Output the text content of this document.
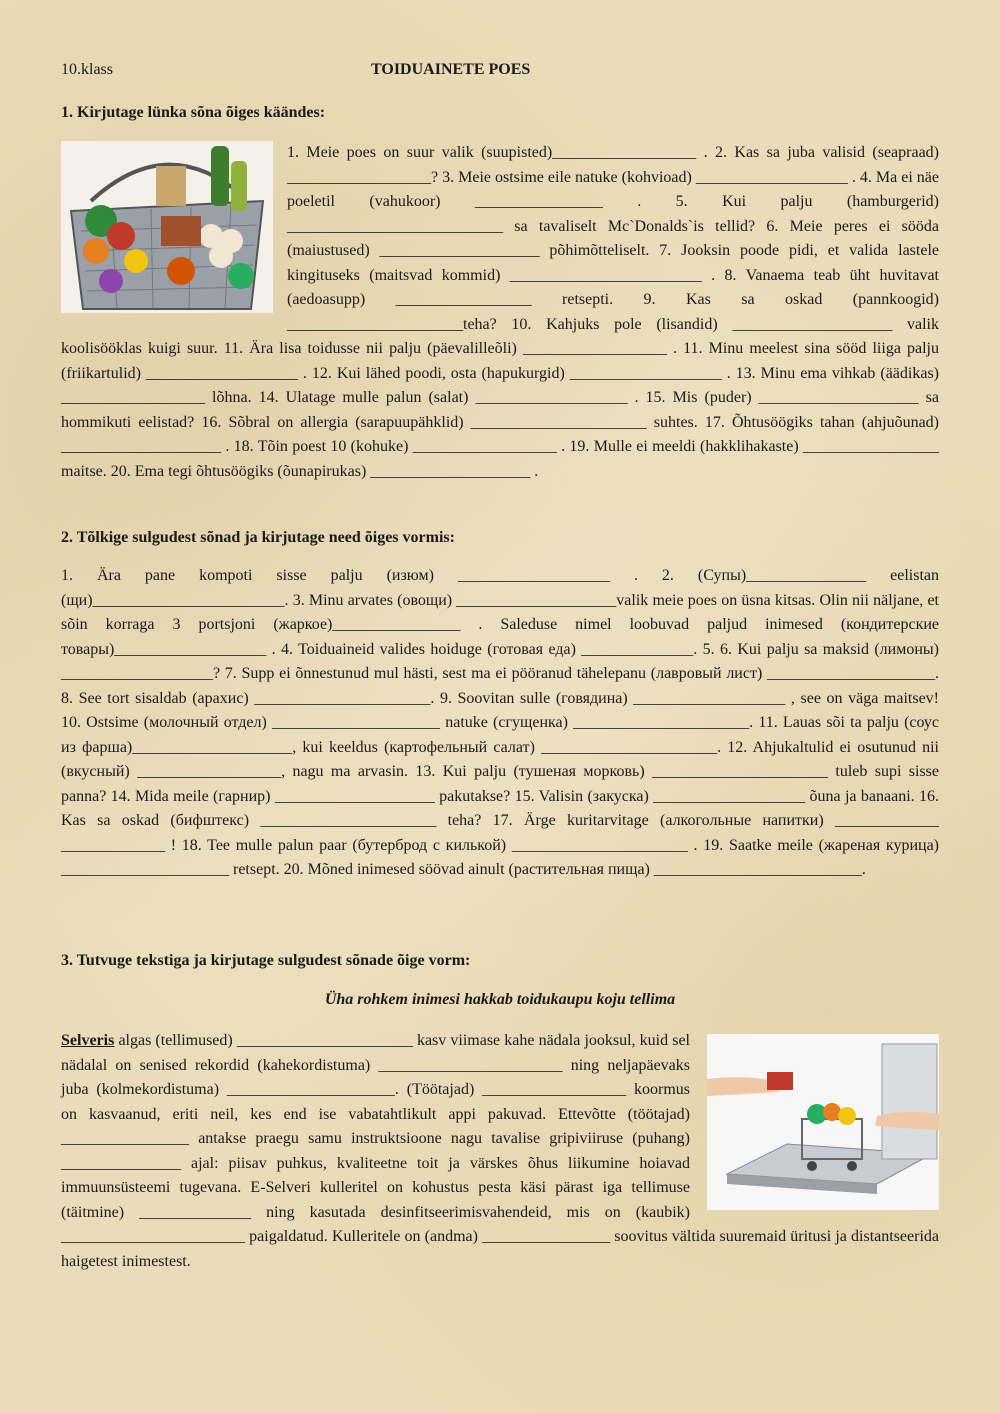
10.klass	TOIDUAINETE POES
1. Kirjutage lünka sõna õiges käändes:
1. Meie poes on suur valik (suupisted)__________________ . 2. Kas sa juba valisid (seapraad) __________________? 3. Meie ostsime eile natuke (kohvioad) ___________________ . 4. Ma ei näe poeletil (vahukoor) ________________ . 5. Kui palju (hamburgerid) ___________________________ sa tavaliselt Mc`Donalds`is tellid? 6. Meie peres ei sööda (maiustused) ____________________ põhimõtteliselt. 7. Jooksin poode pidi, et valida lastele kingituseks (maitsvad kommid) ________________________ . 8. Vanaema teab üht huvitavat (aedoasupp) _________________ retsepti. 9. Kas sa oskad (pannkoogid) ______________________teha? 10. Kahjuks pole (lisandid) ____________________ valik koolisööklas kuigi suur. 11. Ära lisa toidusse nii palju (päevalilleõli) __________________ . 11. Minu meelest sina sööd liiga palju (friikartulid) ___________________ . 12. Kui lähed poodi, osta (hapukurgid) ___________________ . 13. Minu ema vihkab (äädikas) __________________ lõhna. 14. Ulatage mulle palun (salat) ___________________ . 15. Mis (puder) ____________________ sa hommikuti eelistad? 16. Sõbral on allergia (sarapuupähklid) ______________________ suhtes. 17. Õhtusöögiks tahan (ahjuõunad) ____________________ . 18. Tõin poest 10 (kohuke) __________________ . 19. Mulle ei meeldi (hakklihakaste) _________________ maitse. 20. Ema tegi õhtusöögiks (õunapirukas) ____________________ .
2. Tõlkige sulgudest sõnad ja kirjutage need õiges vormis:
1. Ära pane kompoti sisse palju (изюм) ___________________ . 2. (Супы)_______________ eelistan (щи)________________________. 3. Minu arvates (овощи) ____________________valik meie poes on üsna kitsas. Olin nii näljane, et sõin korraga 3 portsjoni (жаркое)________________ . Saleduse nimel loobuvad paljud inimesed (кондитерские товары)___________________ . 4. Toiduaineid valides hoiduge (готовая еда) ______________. 5. 6. Kui palju sa maksid (лимоны) ___________________? 7. Supp ei õnnestunud mul hästi, sest ma ei pööranud tähelepanu (лавровый лист) _____________________. 8. See tort sisaldab (арахис) ______________________. 9. Soovitan sulle (говядина) ___________________ , see on väga maitsev! 10. Ostsime (молочный отдел) _____________________ natuke (сгущенка) ______________________. 11. Lauas sõi ta palju (соус из фарша)____________________, kui keeldus (картофельный салат) ______________________. 12. Ahjukaltulid ei osutunud nii (вкусный) __________________, nagu ma arvasin. 13. Kui palju (тушеная морковь) ______________________ tuleb supi sisse panna? 14. Mida meile (гарнир) ____________________ pakutakse? 15. Valisin (закуска) ___________________ õuna ja banaani. 16. Kas sa oskad (бифштекс) ______________________ teha? 17. Ärge kuritarvitage (алкогольные напитки) _____________ _____________ ! 18. Tee mulle palun paar (бутерброд с килькой) ______________________ . 19. Saatke meile (жареная курица) _____________________ retsept. 20. Mõned inimesed söövad ainult (растительная пища) __________________________.
3. Tutvuge tekstiga ja kirjutage sulgudest sõnade õige vorm:
Üha rohkem inimesi hakkab toidukaupu koju tellima
Selveris algas (tellimused) ______________________ kasv viimase kahe nädala jooksul, kuid sel nädalal on senised rekordid (kahekordistuma) _______________________ ning neljapäevaks juba (kolmekordistuma) _____________________. (Töötajad) __________________ koormus on kasvaanud, eriti neil, kes end ise vabatahtlikult appi pakuvad. Ettevõtte (töötajad) ________________ antakse praegu samu instruktsioone nagu tavalise gripiviiruse (puhang) _______________ ajal: piisav puhkus, kvaliteetne toit ja värskes õhus liikumine hoiavad immuunsüsteemi tugevana. E-Selveri kulleritel on kohustus pesta käsi pärast iga tellimuse (täitmine) ______________ ning kasutada desinfitseerimisvahendeid, mis on (kaubik) _______________________ paigaldatud. Kulleritele on (andma) ________________ soovitus vältida suuremaid üritusi ja distantseerida haigetest inimestest.
